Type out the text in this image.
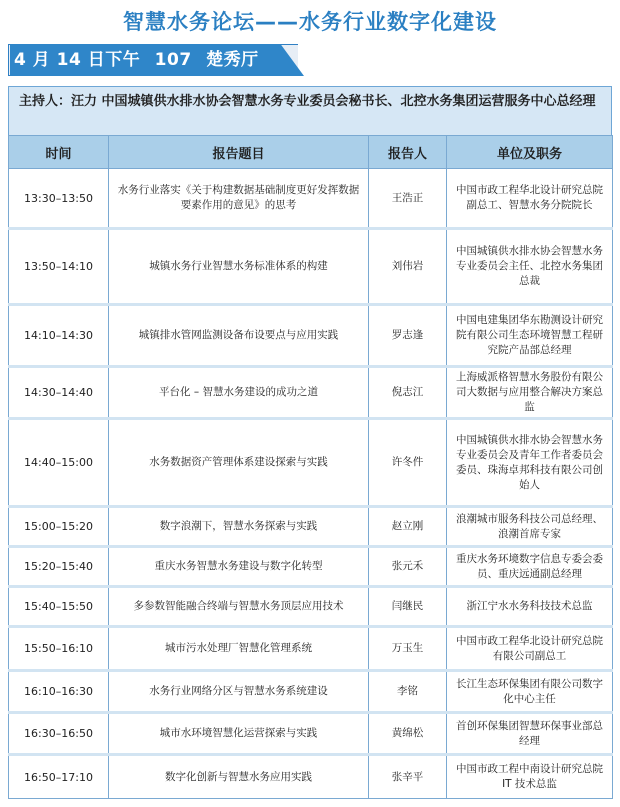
智慧水务论坛——水务行业数字化建设
4 月 14 日下午 107 楚秀厅
主持人：汪力 中国城镇供水排水协会智慧水务专业委员会秘书长、北控水务集团运营服务中心总经理
时间	报告题目	报告人	单位及职务
13:30–13:50	水务行业落实《关于构建数据基础制度更好发挥数据要素作用的意见》的思考	王浩正	中国市政工程华北设计研究总院副总工、智慧水务分院院长
13:50–14:10	城镇水务行业智慧水务标准体系的构建	刘伟岩	中国城镇供水排水协会智慧水务专业委员会主任、北控水务集团总裁
14:10–14:30	城镇排水管网监测设备布设要点与应用实践	罗志逢	中国电建集团华东勘测设计研究院有限公司生态环境智慧工程研究院产品部总经理
14:30–14:40	平台化 – 智慧水务建设的成功之道	倪志江	上海威派格智慧水务股份有限公司大数据与应用整合解决方案总监
14:40–15:00	水务数据资产管理体系建设探索与实践	许冬件	中国城镇供水排水协会智慧水务专业委员会及青年工作者委员会委员、珠海卓邦科技有限公司创始人
15:00–15:20	数字浪潮下，智慧水务探索与实践	赵立刚	浪潮城市服务科技公司总经理、浪潮首席专家
15:20–15:40	重庆水务智慧水务建设与数字化转型	张元禾	重庆水务环境数字信息专委会委员、重庆远通副总经理
15:40–15:50	多参数智能融合终端与智慧水务顶层应用技术	闫继民	浙江宁水水务科技技术总监
15:50–16:10	城市污水处理厂智慧化管理系统	万玉生	中国市政工程华北设计研究总院有限公司副总工
16:10–16:30	水务行业网络分区与智慧水务系统建设	李铭	长江生态环保集团有限公司数字化中心主任
16:30–16:50	城市水环境智慧化运营探索与实践	黄绵松	首创环保集团智慧环保事业部总经理
16:50–17:10	数字化创新与智慧水务应用实践	张辛平	中国市政工程中南设计研究总院 IT 技术总监
